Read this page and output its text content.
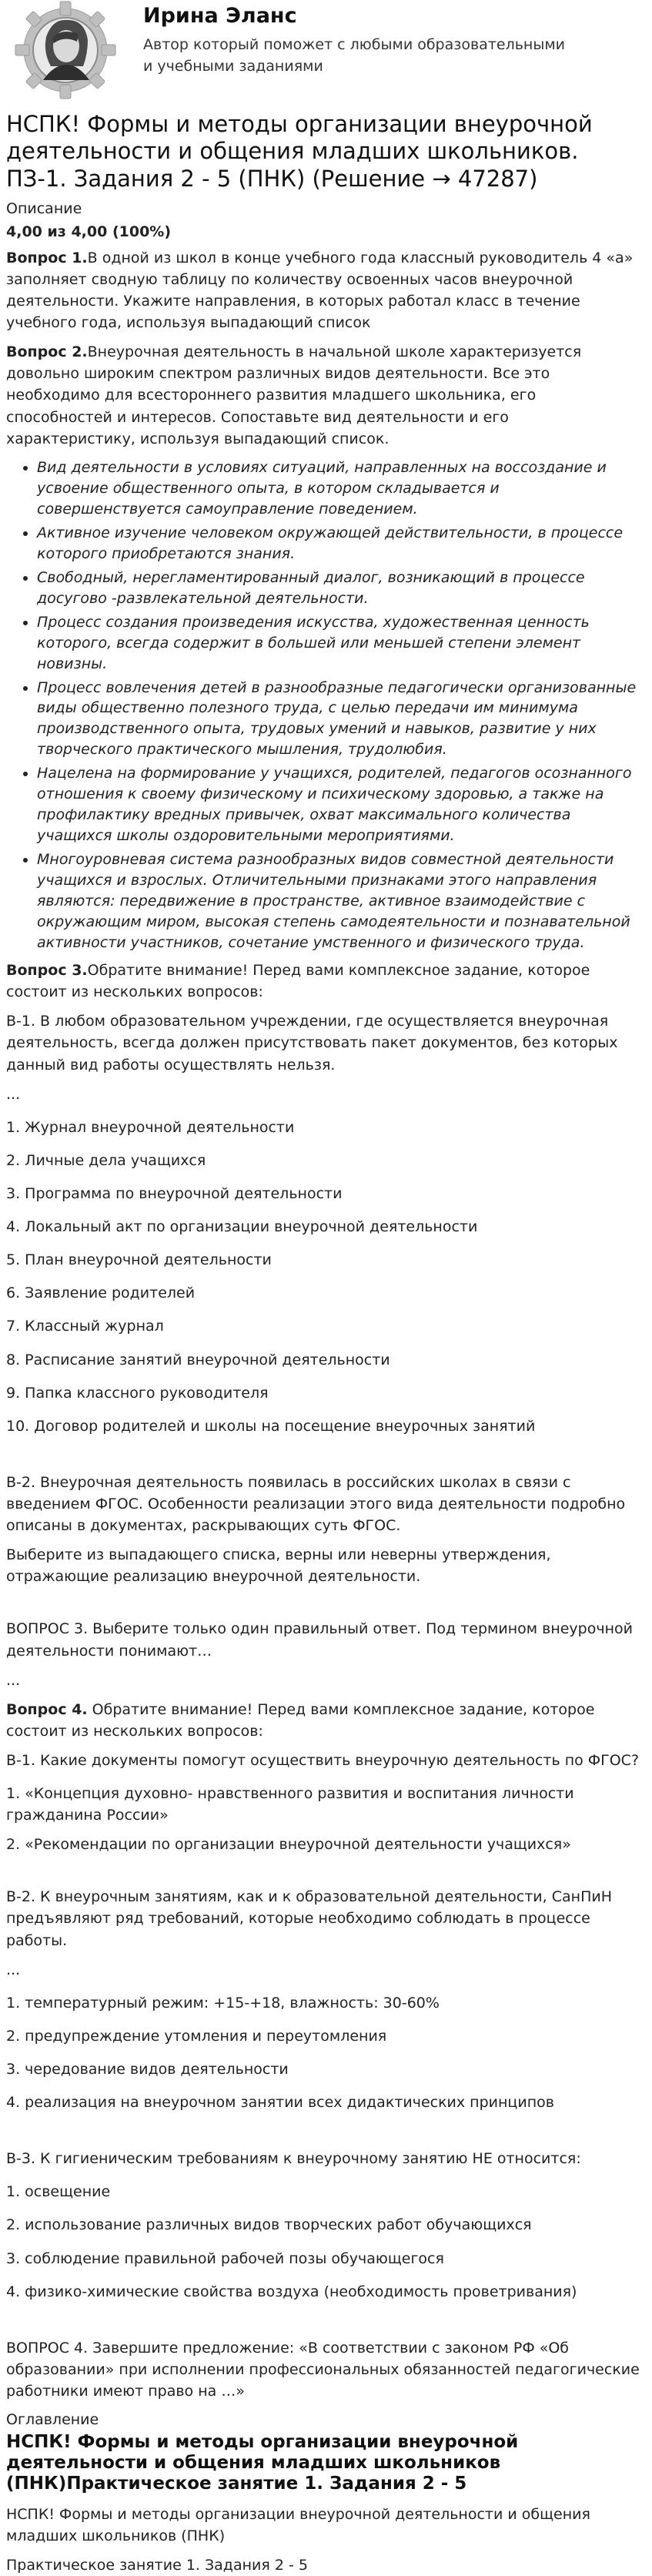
Ирина Эланс
Автор который поможет с любыми образовательными и учебными заданиями
НСПК! Формы и методы организации внеурочной деятельности и общения младших школьников. ПЗ-1. Задания 2 - 5 (ПНК) (Решение → 47287)

Описание

4,00 из 4,00 (100%)

Вопрос 1.В одной из школ в конце учебного года классный руководитель 4 «а» заполняет сводную таблицу по количеству освоенных часов внеурочной деятельности. Укажите направления, в которых работал класс в течение учебного года, используя выпадающий список

Вопрос 2.Внеурочная деятельность в начальной школе характеризуется довольно широким спектром различных видов деятельности. Все это необходимо для всестороннего развития младшего школьника, его способностей и интересов. Сопоставьте вид деятельности и его характеристику, используя выпадающий список.

• Вид деятельности в условиях ситуаций, направленных на воссоздание и усвоение общественного опыта, в котором складывается и совершенствуется самоуправление поведением.
• Активное изучение человеком окружающей действительности, в процессе которого приобретаются знания.
• Свободный, нерегламентированный диалог, возникающий в процессе досугово -развлекательной деятельности.
• Процесс создания произведения искусства, художественная ценность которого, всегда содержит в большей или меньшей степени элемент новизны.
• Процесс вовлечения детей в разнообразные педагогически организованные виды общественно полезного труда, с целью передачи им минимума производственного опыта, трудовых умений и навыков, развитие у них творческого практического мышления, трудолюбия.
• Нацелена на формирование у учащихся, родителей, педагогов осознанного отношения к своему физическому и психическому здоровью, а также на профилактику вредных привычек, охват максимального количества учащихся школы оздоровительными мероприятиями.
• Многоуровневая система разнообразных видов совместной деятельности учащихся и взрослых. Отличительными признаками этого направления являются: передвижение в пространстве, активное взаимодействие с окружающим миром, высокая степень самодеятельности и познавательной активности участников, сочетание умственного и физического труда.

Вопрос 3.Обратите внимание! Перед вами комплексное задание, которое состоит из нескольких вопросов:

В-1. В любом образовательном учреждении, где осуществляется внеурочная деятельность, всегда должен присутствовать пакет документов, без которых данный вид работы осуществлять нельзя.

...

1. Журнал внеурочной деятельности

2. Личные дела учащихся

3. Программа по внеурочной деятельности

4. Локальный акт по организации внеурочной деятельности

5. План внеурочной деятельности

6. Заявление родителей

7. Классный журнал

8. Расписание занятий внеурочной деятельности

9. Папка классного руководителя

10. Договор родителей и школы на посещение внеурочных занятий

В-2. Внеурочная деятельность появилась в российских школах в связи с введением ФГОС. Особенности реализации этого вида деятельности подробно описаны в документах, раскрывающих суть ФГОС.

Выберите из выпадающего списка, верны или неверны утверждения, отражающие реализацию внеурочной деятельности.

ВОПРОС 3. Выберите только один правильный ответ. Под термином внеурочной деятельности понимают…

...

Вопрос 4. Обратите внимание! Перед вами комплексное задание, которое состоит из нескольких вопросов:

В-1. Какие документы помогут осуществить внеурочную деятельность по ФГОС?

1. «Концепция духовно- нравственного развития и воспитания личности гражданина России»

2. «Рекомендации по организации внеурочной деятельности учащихся»

В-2. К внеурочным занятиям, как и к образовательной деятельности, СанПиН предъявляют ряд требований, которые необходимо соблюдать в процессе работы.

...

1. температурный режим: +15-+18, влажность: 30-60%

2. предупреждение утомления и переутомления

3. чередование видов деятельности

4. реализация на внеурочном занятии всех дидактических принципов

В-3. К гигиеническим требованиям к внеурочному занятию НЕ относится:

1. освещение

2. использование различных видов творческих работ обучающихся

3. соблюдение правильной рабочей позы обучающегося

4. физико-химические свойства воздуха (необходимость проветривания)

ВОПРОС 4. Завершите предложение: «В соответствии с законом РФ «Об образовании» при исполнении профессиональных обязанностей педагогические работники имеют право на …»

Оглавление

НСПК! Формы и методы организации внеурочной деятельности и общения младших школьников (ПНК)Практическое занятие 1. Задания 2 - 5

НСПК! Формы и методы организации внеурочной деятельности и общения младших школьников (ПНК)

Практическое занятие 1. Задания 2 - 5
